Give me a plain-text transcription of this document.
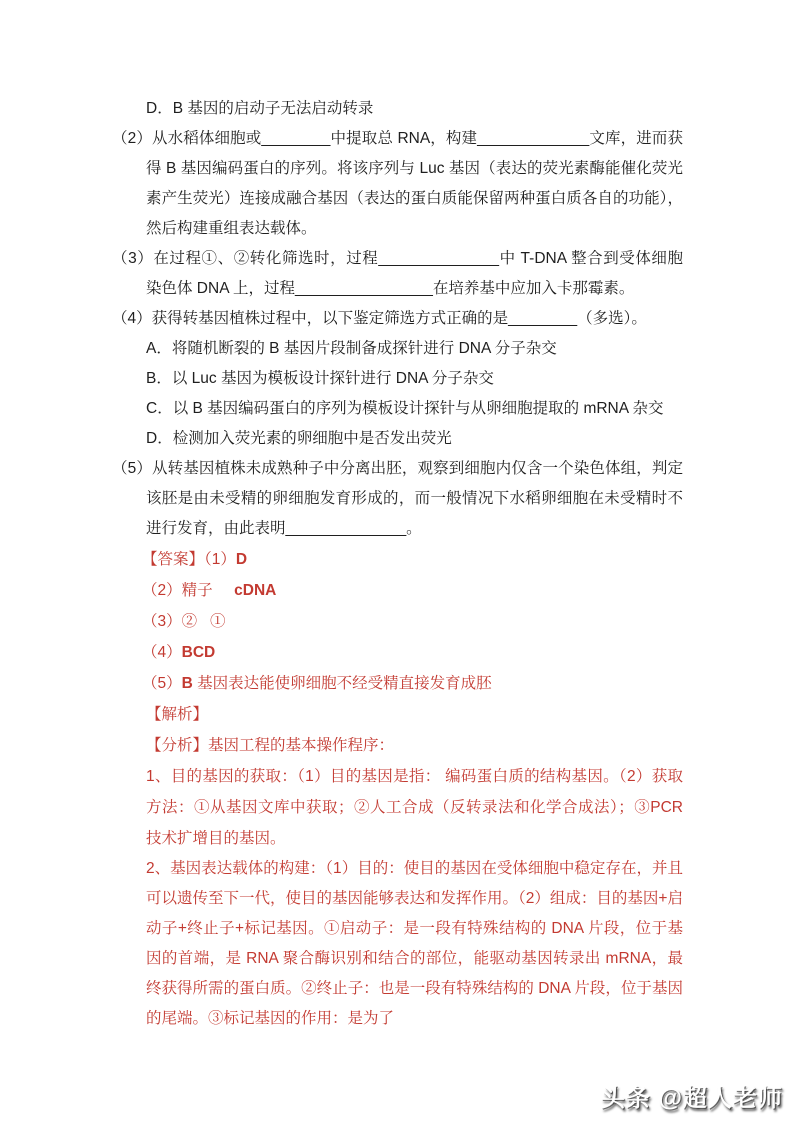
D．B 基因的启动子无法启动转录

（2）从水稻体细胞或________中提取总 RNA，构建_____________文库，进而获得 B 基因编码蛋白的序列。将该序列与 Luc 基因（表达的荧光素酶能催化荧光素产生荧光）连接成融合基因（表达的蛋白质能保留两种蛋白质各自的功能），然后构建重组表达载体。

（3）在过程①、②转化筛选时，过程______________中 T-DNA 整合到受体细胞染色体 DNA 上，过程________________在培养基中应加入卡那霉素。

（4）获得转基因植株过程中，以下鉴定筛选方式正确的是________（多选）。

A．将随机断裂的 B 基因片段制备成探针进行 DNA 分子杂交

B．以 Luc 基因为模板设计探针进行 DNA 分子杂交

C．以 B 基因编码蛋白的序列为模板设计探针与从卵细胞提取的 mRNA 杂交

D．检测加入荧光素的卵细胞中是否发出荧光

（5）从转基因植株未成熟种子中分离出胚，观察到细胞内仅含一个染色体组，判定该胚是由未受精的卵细胞发育形成的，而一般情况下水稻卵细胞在未受精时不进行发育，由此表明______________。

【答案】（1）D

（2）精子 cDNA

（3）② ①

（4）BCD

（5）B 基因表达能使卵细胞不经受精直接发育成胚

【解析】

【分析】基因工程的基本操作程序：

1、目的基因的获取：（1）目的基因是指： 编码蛋白质的结构基因。（2）获取方法：①从基因文库中获取；②人工合成（反转录法和化学合成法）；③PCR 技术扩增目的基因。

2、基因表达载体的构建：（1）目的：使目的基因在受体细胞中稳定存在，并且可以遗传至下一代，使目的基因能够表达和发挥作用。（2）组成：目的基因+启动子+终止子+标记基因。①启动子：是一段有特殊结构的 DNA 片段，位于基因的首端，是 RNA 聚合酶识别和结合的部位，能驱动基因转录出 mRNA，最终获得所需的蛋白质。②终止子：也是一段有特殊结构的 DNA 片段，位于基因的尾端。③标记基因的作用：是为了

头条 @超人老师
